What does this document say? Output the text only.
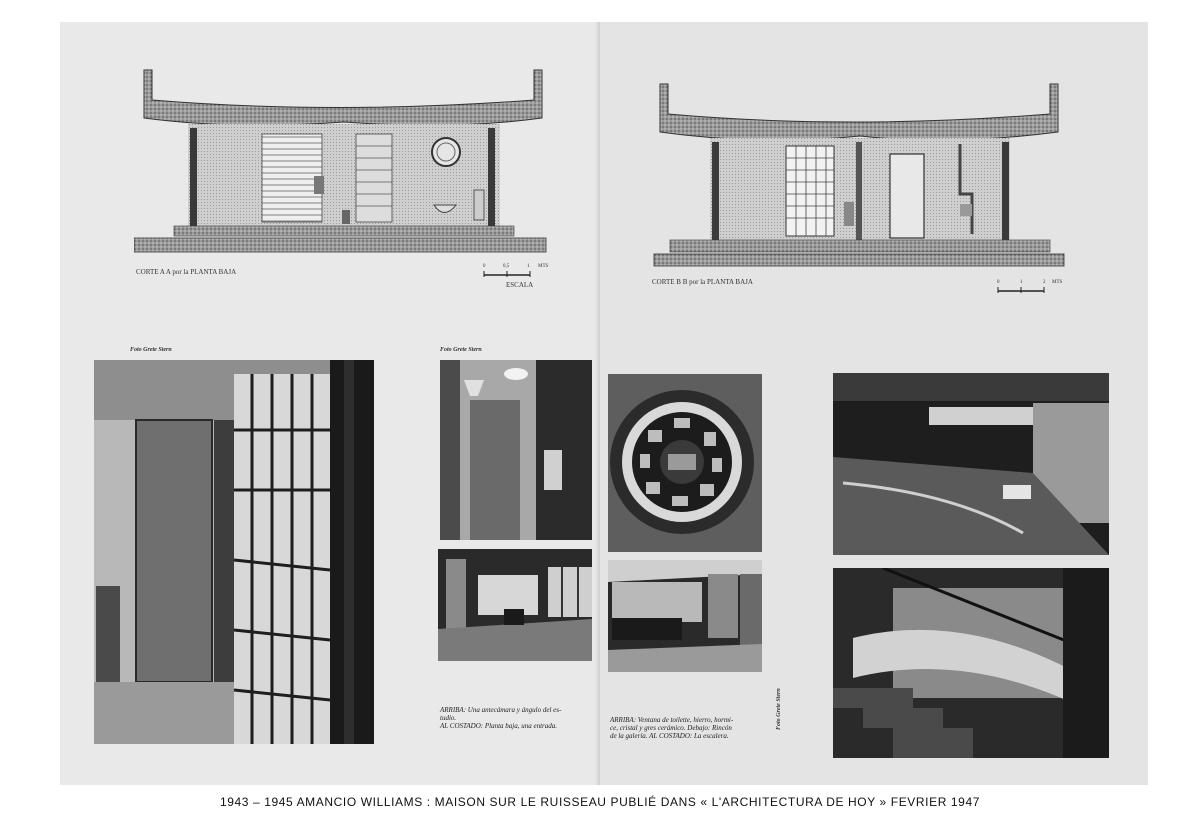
CORTE A A por la PLANTA BAJA
0	0,5	1 MTS
ESCALA
Foto Grete Stern	Foto Grete Stern
ARRIBA: Una antecámara y ángulo del es-
tudio.
AL COSTADO: Planta baja, una entrada.
CORTE B B por la PLANTA BAJA	0	1	2 MTS
ARRIBA: Ventana de toilette, hierro, hormi-
ce, cristal y gres cerámico. Debajo: Rincón
de la galería. AL COSTADO: La escalera.
Foto Grete Stern
1943 – 1945 AMANCIO WILLIAMS : MAISON SUR LE RUISSEAU PUBLIÉ DANS « L'ARCHITECTURA DE HOY » FEVRIER 1947
